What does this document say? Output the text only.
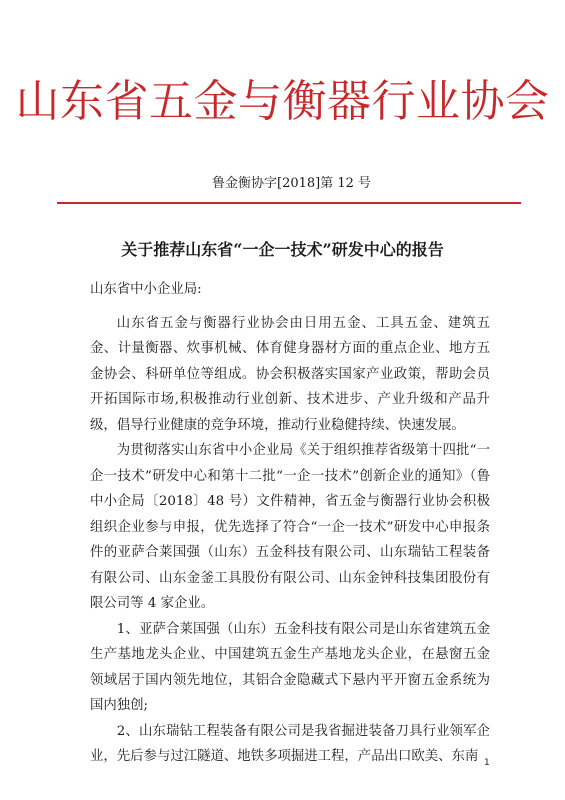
山东省五金与衡器行业协会
鲁金衡协字[2018]第 12 号
关于推荐山东省“一企一技术”研发中心的报告

山东省中小企业局:

山东省五金与衡器行业协会由日用五金、工具五金、建筑五金、计量衡器、炊事机械、体育健身器材方面的重点企业、地方五金协会、科研单位等组成。协会积极落实国家产业政策，帮助会员开拓国际市场,积极推动行业创新、技术进步、产业升级和产品升级，倡导行业健康的竞争环境，推动行业稳健持续、快速发展。

为贯彻落实山东省中小企业局《关于组织推荐省级第十四批“一企一技术”研发中心和第十二批“一企一技术”创新企业的通知》（鲁中小企局〔2018〕48 号）文件精神，省五金与衡器行业协会积极组织企业参与申报，优先选择了符合“一企一技术”研发中心申报条件的亚萨合莱国强（山东）五金科技有限公司、山东瑞钻工程装备有限公司、山东金釜工具股份有限公司、山东金钟科技集团股份有限公司等 4 家企业。

1、亚萨合莱国强（山东）五金科技有限公司是山东省建筑五金生产基地龙头企业、中国建筑五金生产基地龙头企业，在悬窗五金领域居于国内领先地位，其铝合金隐藏式下悬内平开窗五金系统为国内独创;

2、山东瑞钻工程装备有限公司是我省掘进装备刀具行业领军企业，先后参与过江隧道、地铁多项掘进工程，产品出口欧美、东南 1
